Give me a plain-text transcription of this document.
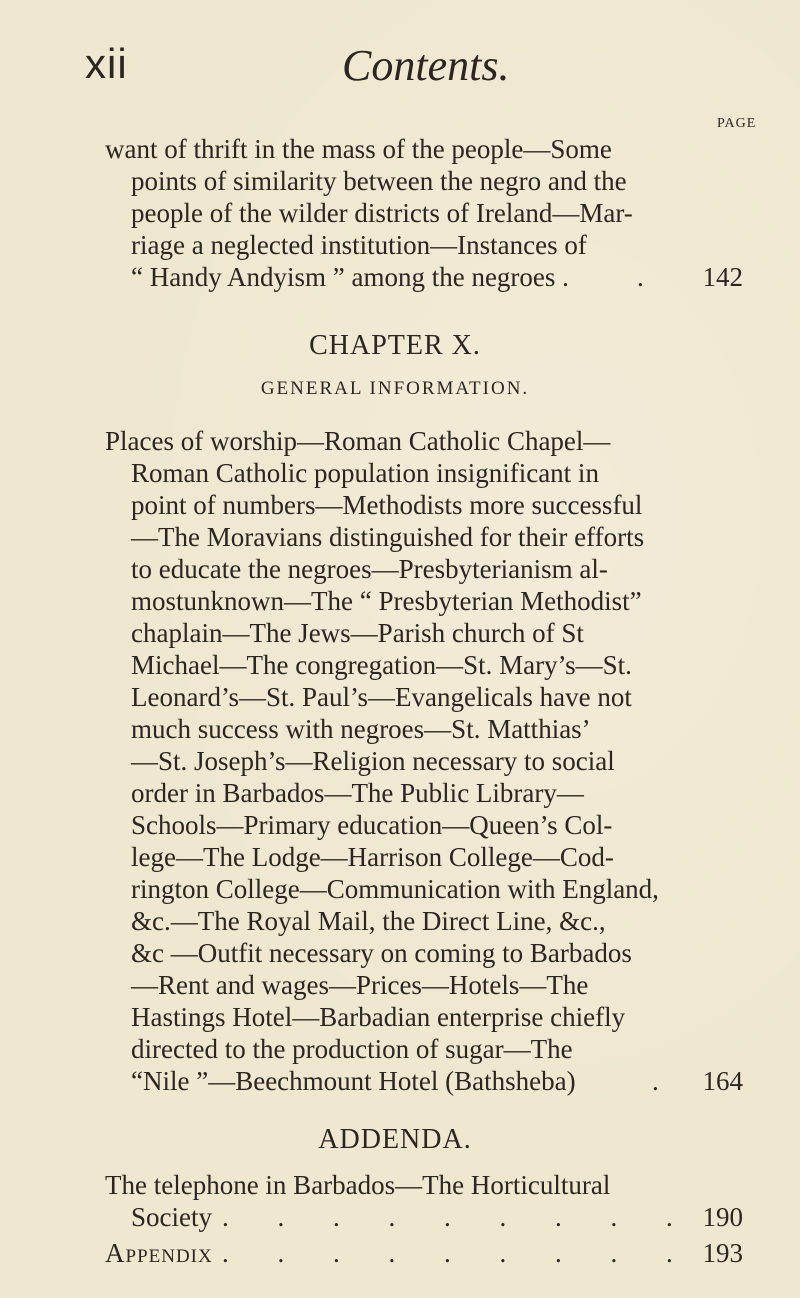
xii	Contents.
PAGE
want of thrift in the mass of the people—Some
points of similarity between the negro and the
people of the wilder districts of Ireland—Mar-
riage a neglected institution—Instances of
“ Handy Andyism ” among the negroes .	.	142
CHAPTER X.
GENERAL INFORMATION.
Places of worship—Roman Catholic Chapel—
Roman Catholic population insignificant in
point of numbers—Methodists more successful
—The Moravians distinguished for their efforts
to educate the negroes—Presbyterianism al-
mostunknown—The “ Presbyterian Methodist”
chaplain—The Jews—Parish church of St
Michael—The congregation—St. Mary’s—St.
Leonard’s—St. Paul’s—Evangelicals have not
much success with negroes—St. Matthias’
—St. Joseph’s—Religion necessary to social
order in Barbados—The Public Library—
Schools—Primary education—Queen’s Col-
lege—The Lodge—Harrison College—Cod-
rington College—Communication with England,
&c.—The Royal Mail, the Direct Line, &c.,
&c —Outfit necessary on coming to Barbados
—Rent and wages—Prices—Hotels—The
Hastings Hotel—Barbadian enterprise chiefly
directed to the production of sugar—The
“Nile ”—Beechmount Hotel (Bathsheba)	. 164
ADDENDA.
The telephone in Barbados—The Horticultural
Society . . . . . . . . . 190
Appendix . . . . . . . . . 193
